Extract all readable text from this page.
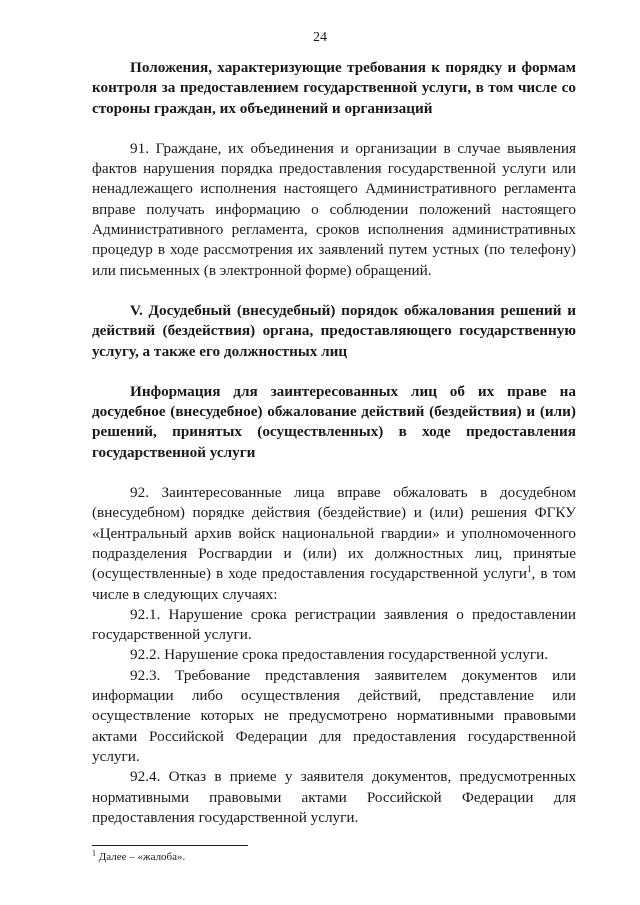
24

Положения, характеризующие требования к порядку и формам контроля за предоставлением государственной услуги, в том числе со стороны граждан, их объединений и организаций

91. Граждане, их объединения и организации в случае выявления фактов нарушения порядка предоставления государственной услуги или ненадлежащего исполнения настоящего Административного регламента вправе получать информацию о соблюдении положений настоящего Административного регламента, сроков исполнения административных процедур в ходе рассмотрения их заявлений путем устных (по телефону) или письменных (в электронной форме) обращений.

V. Досудебный (внесудебный) порядок обжалования решений и действий (бездействия) органа, предоставляющего государственную услугу, а также его должностных лиц

Информация для заинтересованных лиц об их праве на досудебное (внесудебное) обжалование действий (бездействия) и (или) решений, принятых (осуществленных) в ходе предоставления государственной услуги

92. Заинтересованные лица вправе обжаловать в досудебном (внесудебном) порядке действия (бездействие) и (или) решения ФГКУ «Центральный архив войск национальной гвардии» и уполномоченного подразделения Росгвардии и (или) их должностных лиц, принятые (осуществленные) в ходе предоставления государственной услуги$^1$, в том числе в следующих случаях:

92.1. Нарушение срока регистрации заявления о предоставлении государственной услуги.

92.2. Нарушение срока предоставления государственной услуги.

92.3. Требование представления заявителем документов или информации либо осуществления действий, представление или осуществление которых не предусмотрено нормативными правовыми актами Российской Федерации для предоставления государственной услуги.

92.4. Отказ в приеме у заявителя документов, предусмотренных нормативными правовыми актами Российской Федерации для предоставления государственной услуги.

$^1$ Далее – «жалоба».
